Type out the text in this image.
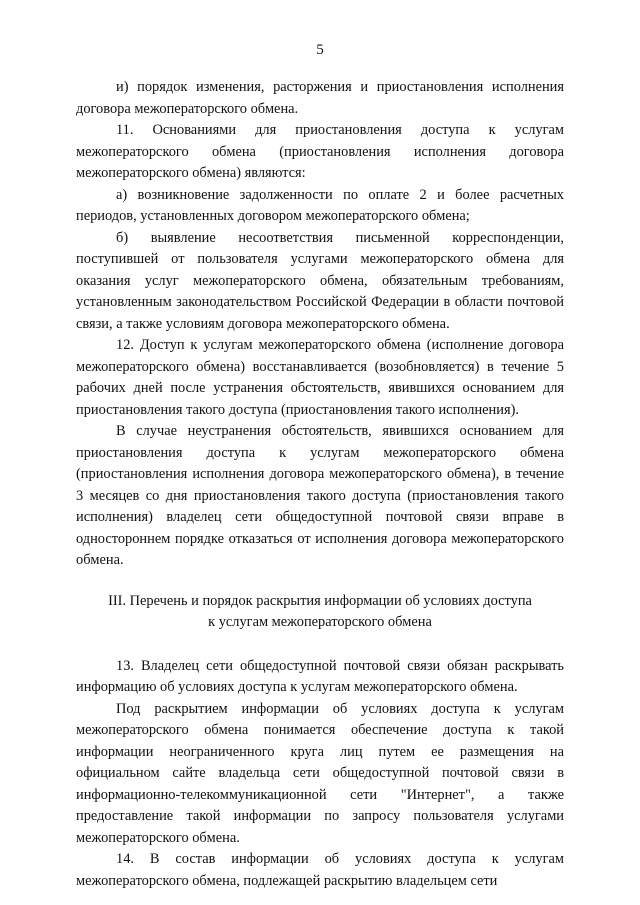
5

и) порядок изменения, расторжения и приостановления исполнения договора межоператорского обмена.

11. Основаниями для приостановления доступа к услугам межоператорского обмена (приостановления исполнения договора межоператорского обмена) являются:

а) возникновение задолженности по оплате 2 и более расчетных периодов, установленных договором межоператорского обмена;

б) выявление несоответствия письменной корреспонденции, поступившей от пользователя услугами межоператорского обмена для оказания услуг межоператорского обмена, обязательным требованиям, установленным законодательством Российской Федерации в области почтовой связи, а также условиям договора межоператорского обмена.

12. Доступ к услугам межоператорского обмена (исполнение договора межоператорского обмена) восстанавливается (возобновляется) в течение 5 рабочих дней после устранения обстоятельств, явившихся основанием для приостановления такого доступа (приостановления такого исполнения).

В случае неустранения обстоятельств, явившихся основанием для приостановления доступа к услугам межоператорского обмена (приостановления исполнения договора межоператорского обмена), в течение 3 месяцев со дня приостановления такого доступа (приостановления такого исполнения) владелец сети общедоступной почтовой связи вправе в одностороннем порядке отказаться от исполнения договора межоператорского обмена.

III. Перечень и порядок раскрытия информации об условиях доступа

к услугам межоператорского обмена

13. Владелец сети общедоступной почтовой связи обязан раскрывать информацию об условиях доступа к услугам межоператорского обмена.

Под раскрытием информации об условиях доступа к услугам межоператорского обмена понимается обеспечение доступа к такой информации неограниченного круга лиц путем ее размещения на официальном сайте владельца сети общедоступной почтовой связи в информационно-телекоммуникационной сети "Интернет", а также предоставление такой информации по запросу пользователя услугами межоператорского обмена.

14. В состав информации об условиях доступа к услугам межоператорского обмена, подлежащей раскрытию владельцем сети
